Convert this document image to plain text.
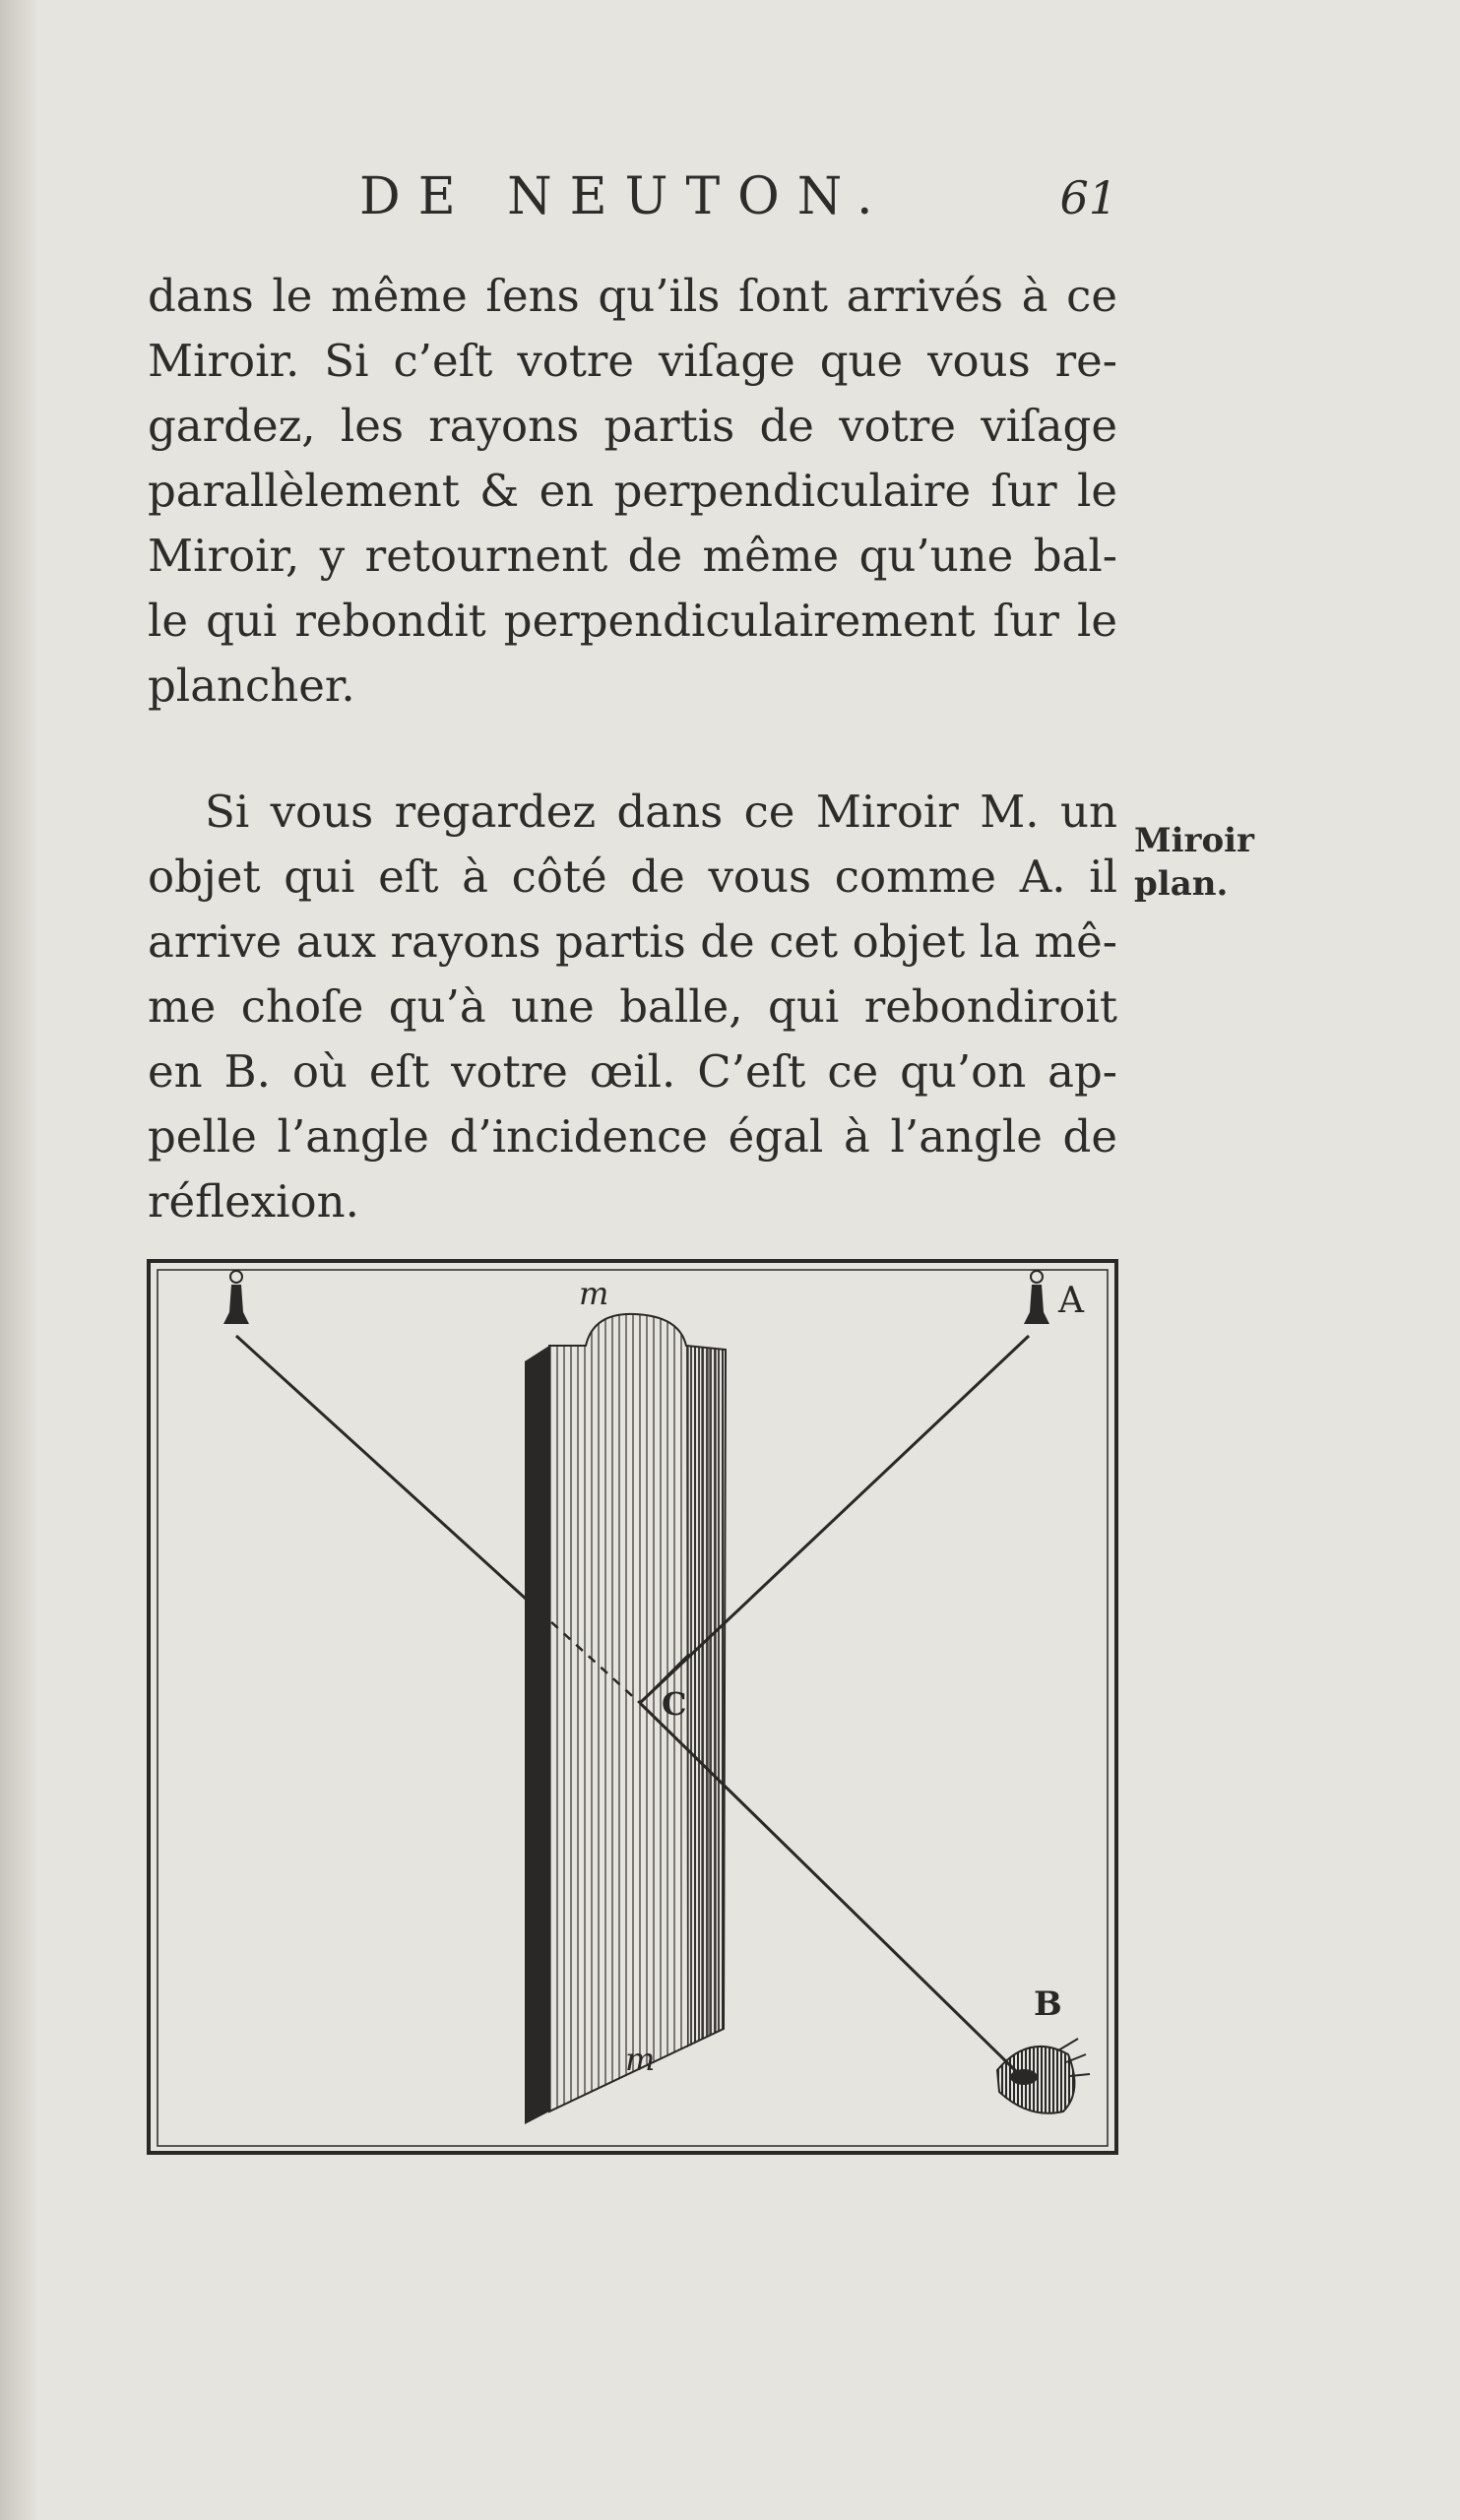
DE NEUTON.	61

dans le même ſens qu’ils ſont arrivés à ce
Miroir. Si c’eſt votre viſage que vous re-
gardez, les rayons partis de votre viſage
parallèlement & en perpendiculaire ſur le
Miroir, y retournent de même qu’une bal-
le qui rebondit perpendiculairement ſur le
plancher.

Si vous regardez dans ce Miroir M. un
objet qui eſt à côté de vous comme A. il
arrive aux rayons partis de cet objet la mê-
me choſe qu’à une balle, qui rebondiroit
en B. où eſt votre œil. C’eſt ce qu’on ap-
pelle l’angle d’incidence égal à l’angle de
réflexion.

Miroir
plan.
A
B
C
m
m
